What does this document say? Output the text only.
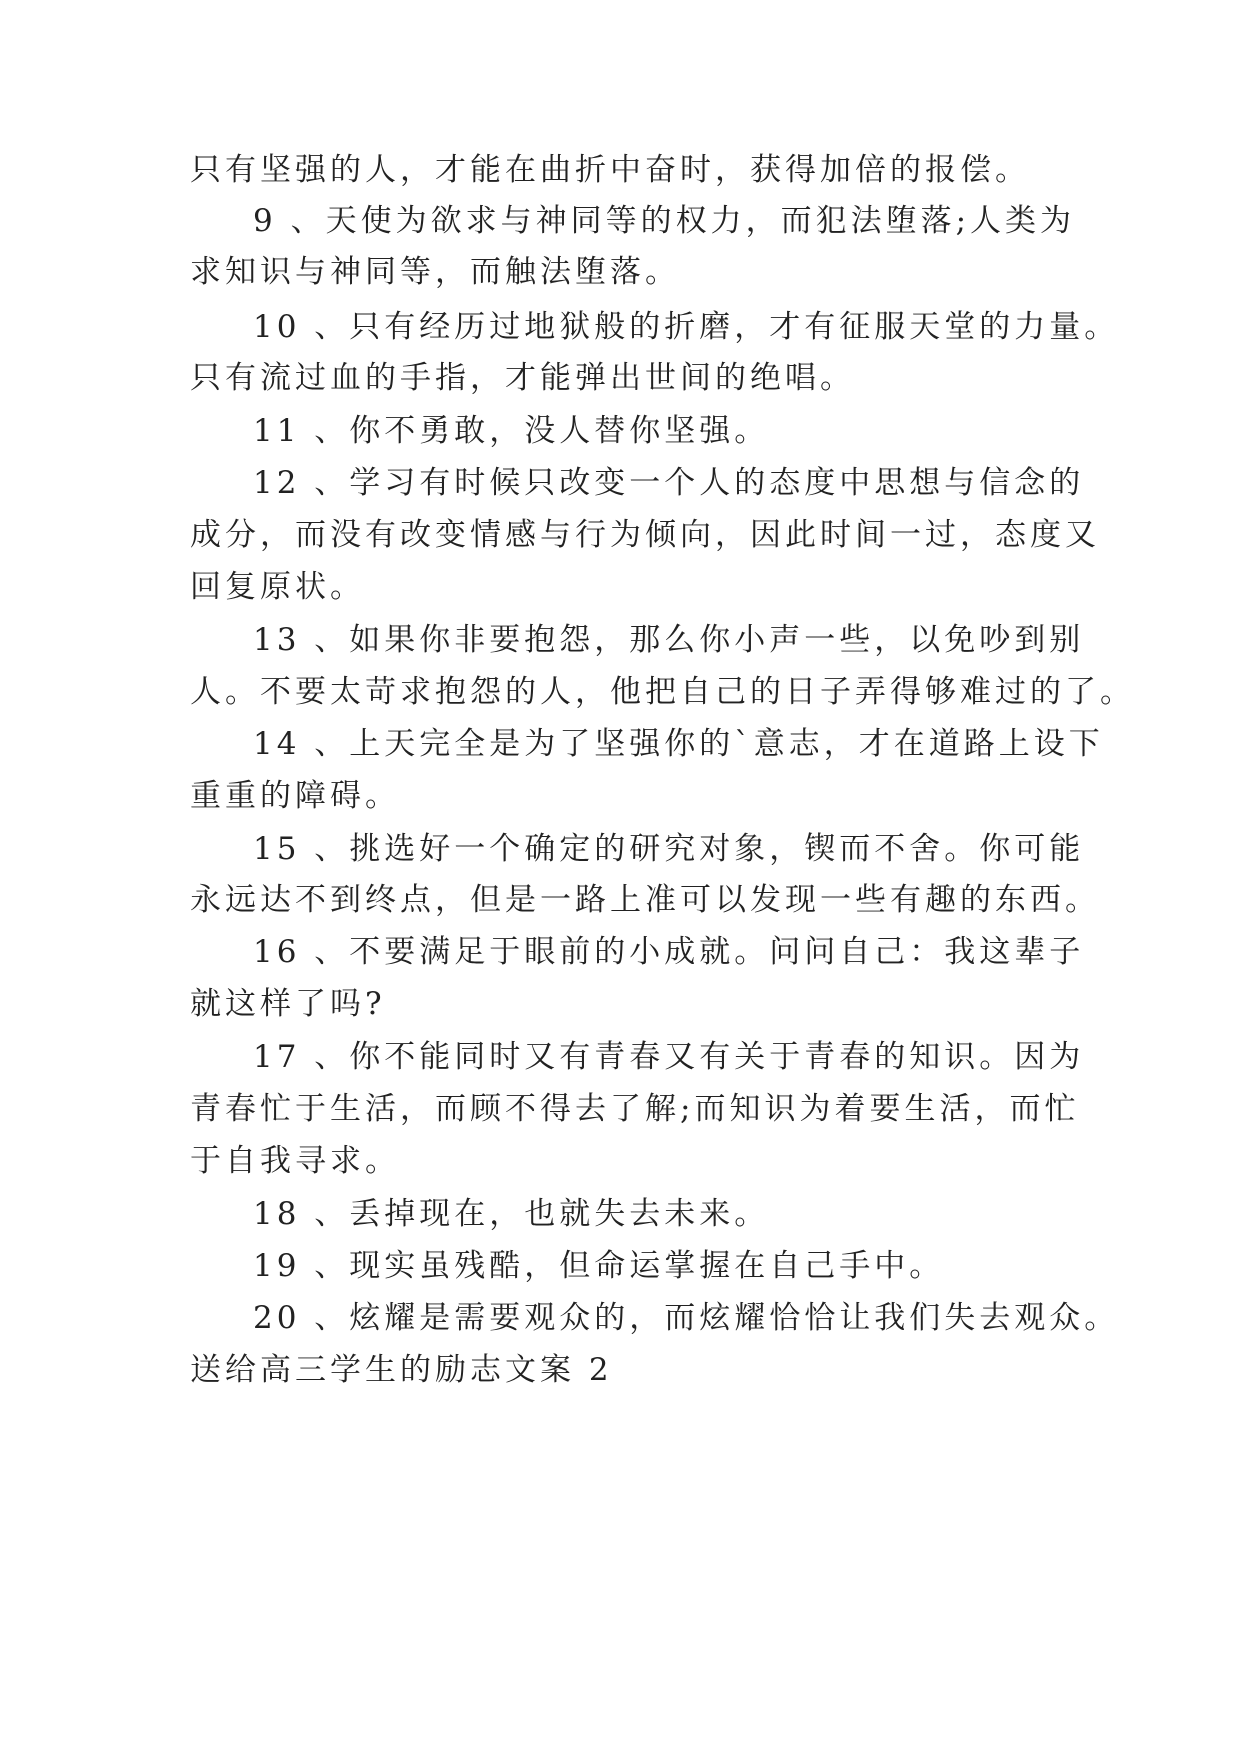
只有坚强的人，才能在曲折中奋时，获得加倍的报偿。
9 、天使为欲求与神同等的权力，而犯法堕落;人类为
求知识与神同等，而触法堕落。
10 、只有经历过地狱般的折磨，才有征服天堂的力量。
只有流过血的手指，才能弹出世间的绝唱。
11 、你不勇敢，没人替你坚强。
12 、学习有时候只改变一个人的态度中思想与信念的
成分，而没有改变情感与行为倾向，因此时间一过，态度又
回复原状。
13 、如果你非要抱怨，那么你小声一些，以免吵到别
人。不要太苛求抱怨的人，他把自己的日子弄得够难过的了。
14 、上天完全是为了坚强你的`意志，才在道路上设下
重重的障碍。
15 、挑选好一个确定的研究对象，锲而不舍。你可能
永远达不到终点，但是一路上准可以发现一些有趣的东西。
16 、不要满足于眼前的小成就。问问自己：我这辈子
就这样了吗?
17 、你不能同时又有青春又有关于青春的知识。因为
青春忙于生活，而顾不得去了解;而知识为着要生活，而忙
于自我寻求。
18 、丢掉现在，也就失去未来。
19 、现实虽残酷，但命运掌握在自己手中。
20 、炫耀是需要观众的，而炫耀恰恰让我们失去观众。
送给高三学生的励志文案 2
